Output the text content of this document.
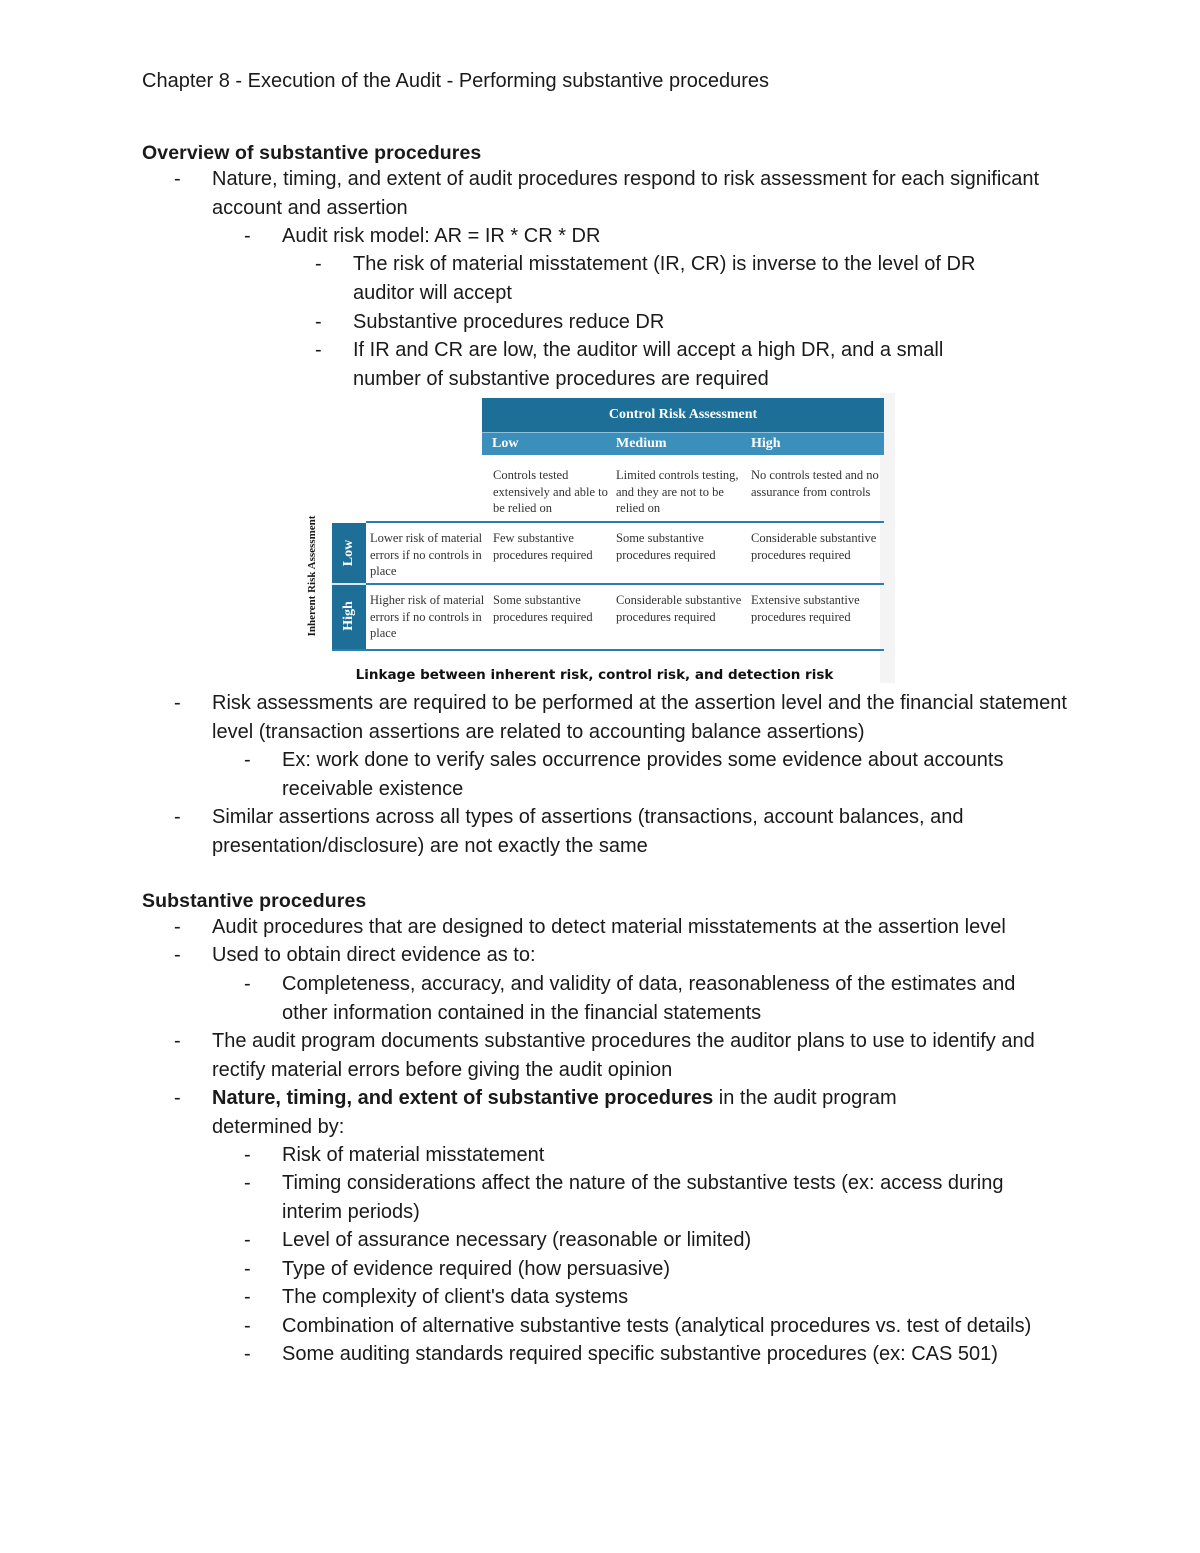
Chapter 8 - Execution of the Audit - Performing substantive procedures
Overview of substantive procedures
- Nature, timing, and extent of audit procedures respond to risk assessment for each significant account and assertion
- Audit risk model: AR = IR * CR * DR
- The risk of material misstatement (IR, CR) is inverse to the level of DR auditor will accept
- Substantive procedures reduce DR
- If IR and CR are low, the auditor will accept a high DR, and a small number of substantive procedures are required
Control Risk Assessment
Low	Medium	High
Controls tested extensively and able to be relied on
Limited controls testing, and they are not to be relied on
No controls tested and no assurance from controls
Inherent Risk Assessment Low
High
Lower risk of material errors if no controls in place
Few substantive procedures required
Some substantive procedures required
Considerable substantive procedures required
Higher risk of material errors if no controls in place
Some substantive procedures required
Considerable substantive procedures required
Extensive substantive procedures required
Linkage between inherent risk, control risk, and detection risk
- Risk assessments are required to be performed at the assertion level and the financial statement level (transaction assertions are related to accounting balance assertions)
- Ex: work done to verify sales occurrence provides some evidence about accounts receivable existence
- Similar assertions across all types of assertions (transactions, account balances, and presentation/disclosure) are not exactly the same
Substantive procedures
- Audit procedures that are designed to detect material misstatements at the assertion level
- Used to obtain direct evidence as to:
- Completeness, accuracy, and validity of data, reasonableness of the estimates and other information contained in the financial statements
- The audit program documents substantive procedures the auditor plans to use to identify and rectify material errors before giving the audit opinion
- Nature, timing, and extent of substantive procedures in the audit program determined by:
- Risk of material misstatement
- Timing considerations affect the nature of the substantive tests (ex: access during interim periods)
- Level of assurance necessary (reasonable or limited)
- Type of evidence required (how persuasive)
- The complexity of client's data systems
- Combination of alternative substantive tests (analytical procedures vs. test of details)
- Some auditing standards required specific substantive procedures (ex: CAS 501)
